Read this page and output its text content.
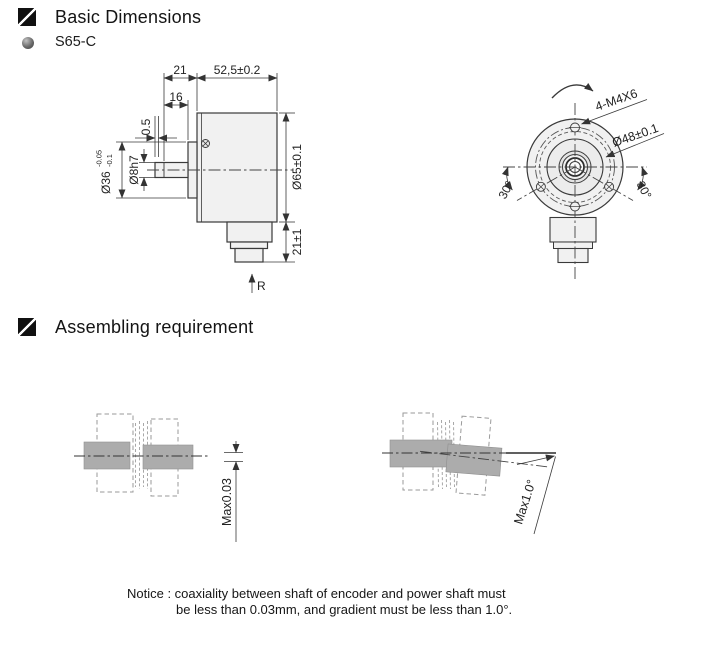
Basic Dimensions
S65-C
Assembling requirement
21 52,5±0.2
16
0.5
Ø36
-0.05 -0.1 Ø8h7	Ø65±0.1
21±1
R
4-M4X6
Ø48±0.1
30°	30°
Max0.03	Max1.0°
Notice : coaxiality between shaft of encoder and power shaft must
be less than 0.03mm, and gradient must be less than 1.0°.
